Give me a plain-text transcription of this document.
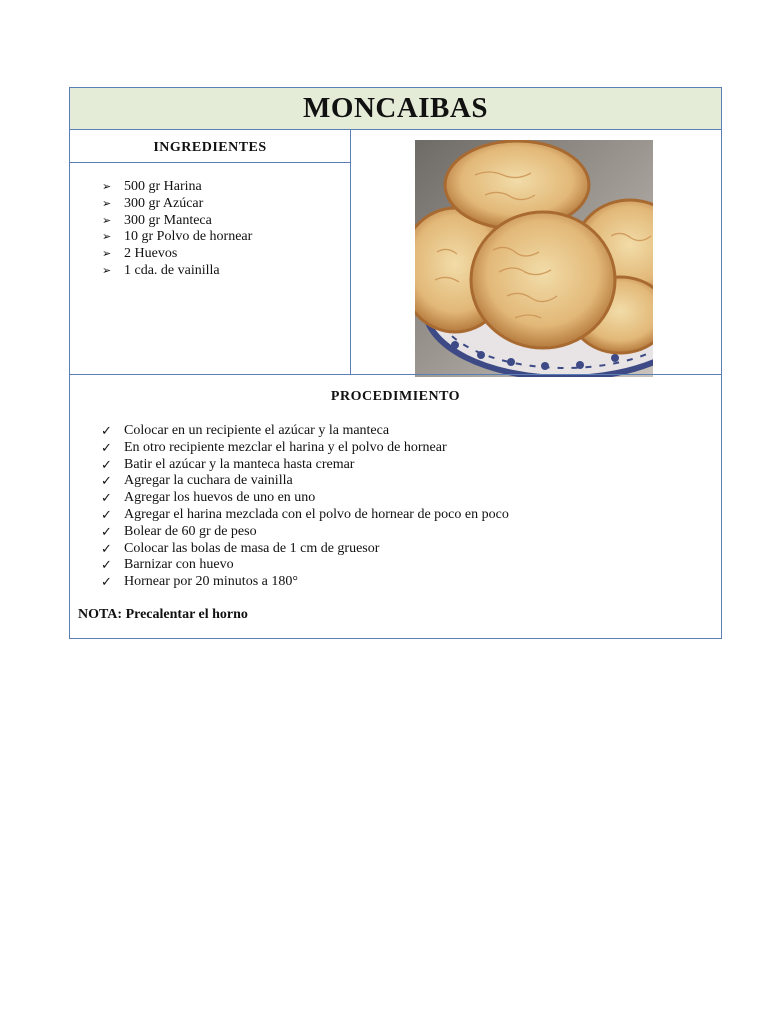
MONCAIBAS
INGREDIENTES
➢ 500 gr Harina
➢ 300 gr Azúcar
➢ 300 gr Manteca
➢ 10 gr Polvo de hornear
➢ 2 Huevos
➢ 1 cda. de vainilla
PROCEDIMIENTO
✓ Colocar en un recipiente el azúcar y la manteca
✓ En otro recipiente mezclar el harina y el polvo de hornear
✓ Batir el azúcar y la manteca hasta cremar
✓ Agregar la cuchara de vainilla
✓ Agregar los huevos de uno en uno
✓ Agregar el harina mezclada con el polvo de hornear de poco en poco
✓ Bolear de 60 gr de peso
✓ Colocar las bolas de masa de 1 cm de gruesor
✓ Barnizar con huevo
✓ Hornear por 20 minutos a 180°
NOTA: Precalentar el horno
